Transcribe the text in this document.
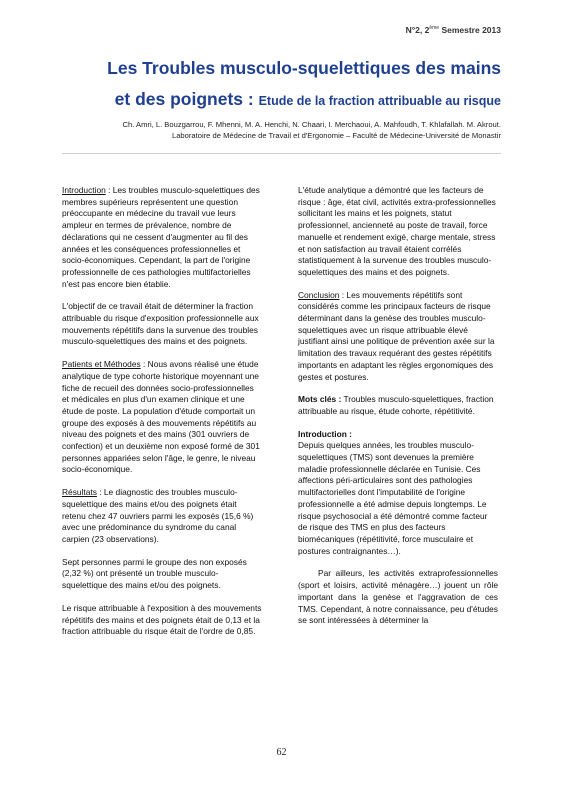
N°2, 2ème Semestre 2013
Les Troubles musculo-squelettiques des mains
et des poignets : Etude de la fraction attribuable au risque
Ch. Amri, L. Bouzgarrou, F. Mhenni, M. A. Henchi, N. Chaari, I. Merchaoui, A. Mahfoudh, T. Khlafallah. M. Akrout.
Laboratoire de Médecine de Travail et d'Ergonomie – Faculté de Médecine-Université de Monastir

Introduction : Les troubles musculo-squelettiques des membres supérieurs représentent une question préoccupante en médecine du travail vue leurs ampleur en termes de prévalence, nombre de déclarations qui ne cessent d'augmenter au fil des années et les conséquences professionnelles et socio-économiques. Cependant, la part de l'origine professionnelle de ces pathologies multifactorielles n'est pas encore bien établie.

L'objectif de ce travail était de déterminer la fraction attribuable du risque d'exposition professionnelle aux mouvements répétitifs dans la survenue des troubles musculo-squelettiques des mains et des poignets.

Patients et Méthodes : Nous avons réalisé une étude analytique de type cohorte historique moyennant une fiche de recueil des données socio-professionnelles et médicales en plus d'un examen clinique et une étude de poste. La population d'étude comportait un groupe des exposés à des mouvements répétitifs au niveau des poignets et des mains (301 ouvriers de confection) et un deuxième non exposé formé de 301 personnes appariées selon l'âge, le genre, le niveau socio-économique.

Résultats : Le diagnostic des troubles musculo-squelettique des mains et/ou des poignets était retenu chez 47 ouvriers parmi les exposés (15,6 %) avec une prédominance du syndrome du canal carpien (23 observations).

Sept personnes parmi le groupe des non exposés (2,32 %) ont présenté un trouble musculo-squelettique des mains et/ou des poignets.

Le risque attribuable à l'exposition à des mouvements répétitifs des mains et des poignets était de 0,13 et la fraction attribuable du risque était de l'ordre de 0,85.

L'étude analytique a démontré que les facteurs de risque : âge, état civil, activités extra-professionnelles sollicitant les mains et les poignets, statut professionnel, ancienneté au poste de travail, force manuelle et rendement exigé, charge mentale, stress et non satisfaction au travail étaient corrélés statistiquement à la survenue des troubles musculo-squelettiques des mains et des poignets.

Conclusion : Les mouvements répétitifs sont considérés comme les principaux facteurs de risque déterminant dans la genèse des troubles musculo-squelettiques avec un risque attribuable élevé justifiant ainsi une politique de prévention axée sur la limitation des travaux requérant des gestes répétitifs importants en adaptant les règles ergonomiques des gestes et postures.

Mots clés : Troubles musculo-squelettiques, fraction attribuable au risque, étude cohorte, répétitivité.

Introduction :

Depuis quelques années, les troubles musculo-squelettiques (TMS) sont devenues la première maladie professionnelle déclarée en Tunisie. Ces affections péri-articulaires sont des pathologies multifactorielles dont l'imputabilité de l'origine professionnelle a été admise depuis longtemps. Le risque psychosocial a été démontré comme facteur de risque des TMS en plus des facteurs biomécaniques (répétitivité, force musculaire et postures contraignantes…).

Par ailleurs, les activités extraprofessionnelles (sport et loisirs, activité ménagère…) jouent un rôle important dans la genèse et l'aggravation de ces TMS. Cependant, à notre connaissance, peu d'études se sont intéressées à déterminer la

62
